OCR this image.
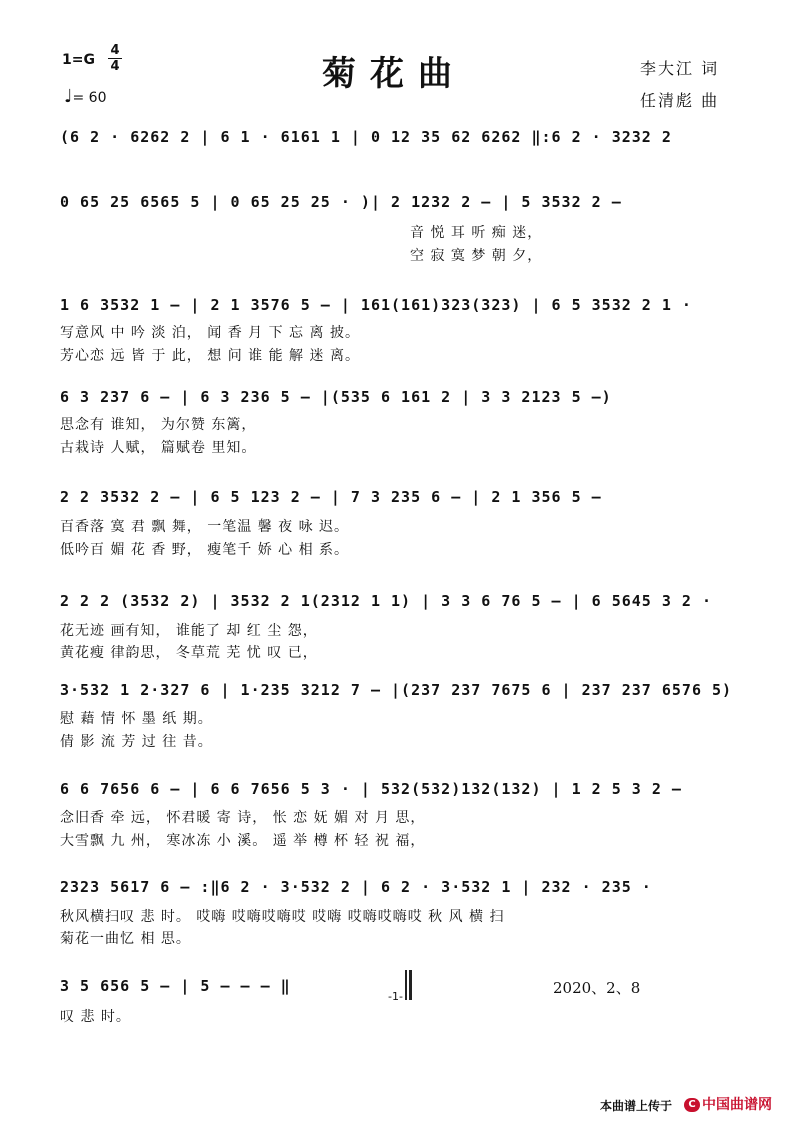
1=G
4
4
♩= 60
菊花曲	李大江 词
任清彪 曲
(6 2 · 6262 2 | 6 1 · 6161 1 | 0 12 35 62 6262 ‖:6 2 · 3232 2
0 65 25 6565 5 | 0 65 25 25 · )| 2 1232 2 – | 5 3532 2 –
音 悦 耳 听 痴 迷，
空 寂 寞 梦 朝 夕，
1 6 3532 1 – | 2 1 3576 5 – | 161(161)323(323) | 6 5 3532 2 1 ·
写意风 中 吟 淡 泊， 闻 香 月 下 忘 离 披。
芳心恋 远 皆 于 此， 想 问 谁 能 解 迷 离。
6 3 237 6 – | 6 3 236 5 – |(535 6 161 2 | 3 3 2123 5 –)
思念有 谁知， 为尔赞 东篱，
古栽诗 人赋， 篇赋卷 里知。
2 2 3532 2 – | 6 5 123 2 – | 7 3 235 6 – | 2 1 356 5 –
百香落 寞 君 飘 舞， 一笔温 馨 夜 咏 迟。
低吟百 媚 花 香 野， 瘦笔千 娇 心 相 系。
2 2 2 (3532 2) | 3532 2 1(2312 1 1) | 3 3 6 76 5 – | 6 5645 3 2 ·
花无迹 画有知， 谁能了 却 红 尘 怨，
黄花瘦 律韵思， 冬草荒 芜 忧 叹 已，
3·532 1 2·327 6 | 1·235 3212 7 – |(237 237 7675 6 | 237 237 6576 5)
慰 藉 情 怀 墨 纸 期。
倩 影 流 芳 过 往 昔。
6 6 7656 6 – | 6 6 7656 5 3 · | 532(532)132(132) | 1 2 5 3 2 –
念旧香 牵 远， 怀君暖 寄 诗， 怅 恋 妩 媚 对 月 思，
大雪飘 九 州， 寒冰冻 小 溪。 遥 举 樽 杯 轻 祝 福，
2323 5617 6 – :‖6 2 · 3·532 2 | 6 2 · 3·532 1 | 232 · 235 ·
秋风横扫叹 悲 时。 哎嗨 哎嗨哎嗨哎 哎嗨 哎嗨哎嗨哎 秋 风 横 扫
菊花一曲忆 相 思。
3 5 656 5 – | 5 – – – ‖
叹 悲 时。
-1-	2020、2、8
本曲谱上传于	C 中国曲谱网
